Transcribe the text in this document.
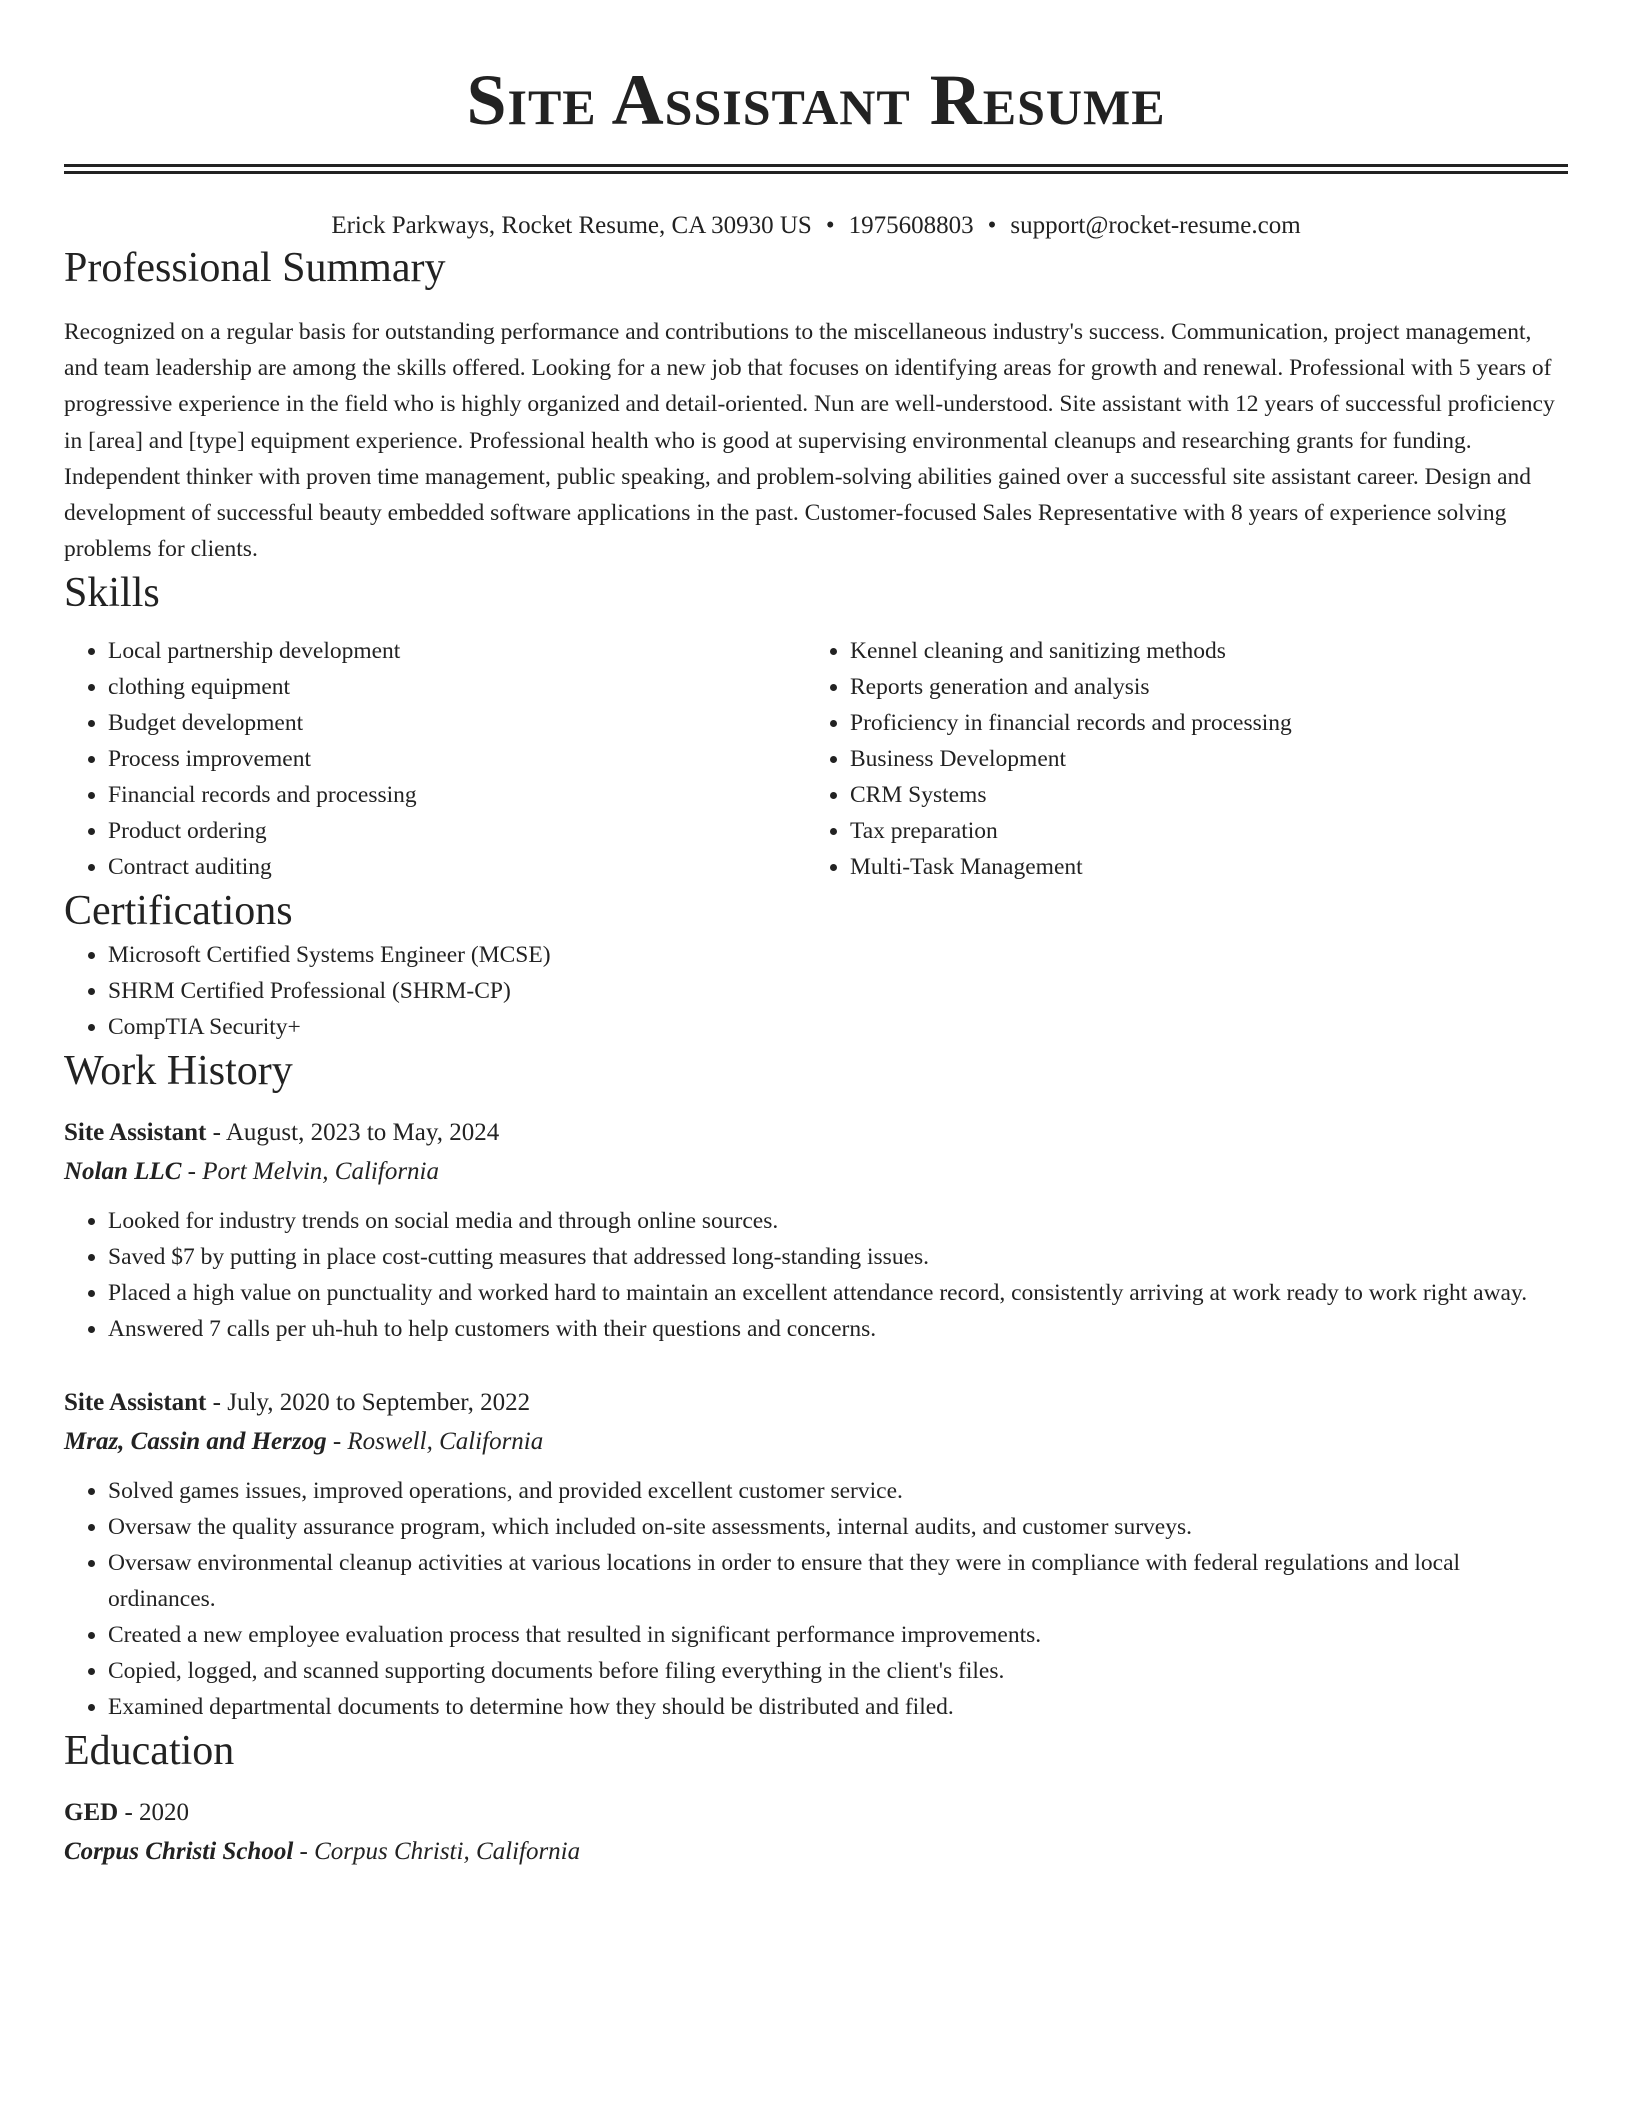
Site Assistant Resume
Erick Parkways, Rocket Resume, CA 30930 US • 1975608803 • support@rocket-resume.com
Professional Summary

Recognized on a regular basis for outstanding performance and contributions to the miscellaneous industry's success. Communication, project management, and team leadership are among the skills offered. Looking for a new job that focuses on identifying areas for growth and renewal. Professional with 5 years of progressive experience in the field who is highly organized and detail-oriented. Nun are well-understood. Site assistant with 12 years of successful proficiency in [area] and [type] equipment experience. Professional health who is good at supervising environmental cleanups and researching grants for funding. Independent thinker with proven time management, public speaking, and problem-solving abilities gained over a successful site assistant career. Design and development of successful beauty embedded software applications in the past. Customer-focused Sales Representative with 8 years of experience solving problems for clients.

Skills
• Local partnership development
• clothing equipment
• Budget development
• Process improvement
• Financial records and processing
• Product ordering
• Contract auditing
• Kennel cleaning and sanitizing methods
• Reports generation and analysis
• Proficiency in financial records and processing
• Business Development
• CRM Systems
• Tax preparation
• Multi-Task Management
Certifications
• Microsoft Certified Systems Engineer (MCSE)
• SHRM Certified Professional (SHRM-CP)
• CompTIA Security+
Work History
Site Assistant - August, 2023 to May, 2024
Nolan LLC - Port Melvin, California
• Looked for industry trends on social media and through online sources.
• Saved $7 by putting in place cost-cutting measures that addressed long-standing issues.
• Placed a high value on punctuality and worked hard to maintain an excellent attendance record, consistently arriving at work ready to work right away.
• Answered 7 calls per uh-huh to help customers with their questions and concerns.
Site Assistant - July, 2020 to September, 2022
Mraz, Cassin and Herzog - Roswell, California
• Solved games issues, improved operations, and provided excellent customer service.
• Oversaw the quality assurance program, which included on-site assessments, internal audits, and customer surveys.
• Oversaw environmental cleanup activities at various locations in order to ensure that they were in compliance with federal regulations and local ordinances.
• Created a new employee evaluation process that resulted in significant performance improvements.
• Copied, logged, and scanned supporting documents before filing everything in the client's files.
• Examined departmental documents to determine how they should be distributed and filed.
Education
GED - 2020
Corpus Christi School - Corpus Christi, California
